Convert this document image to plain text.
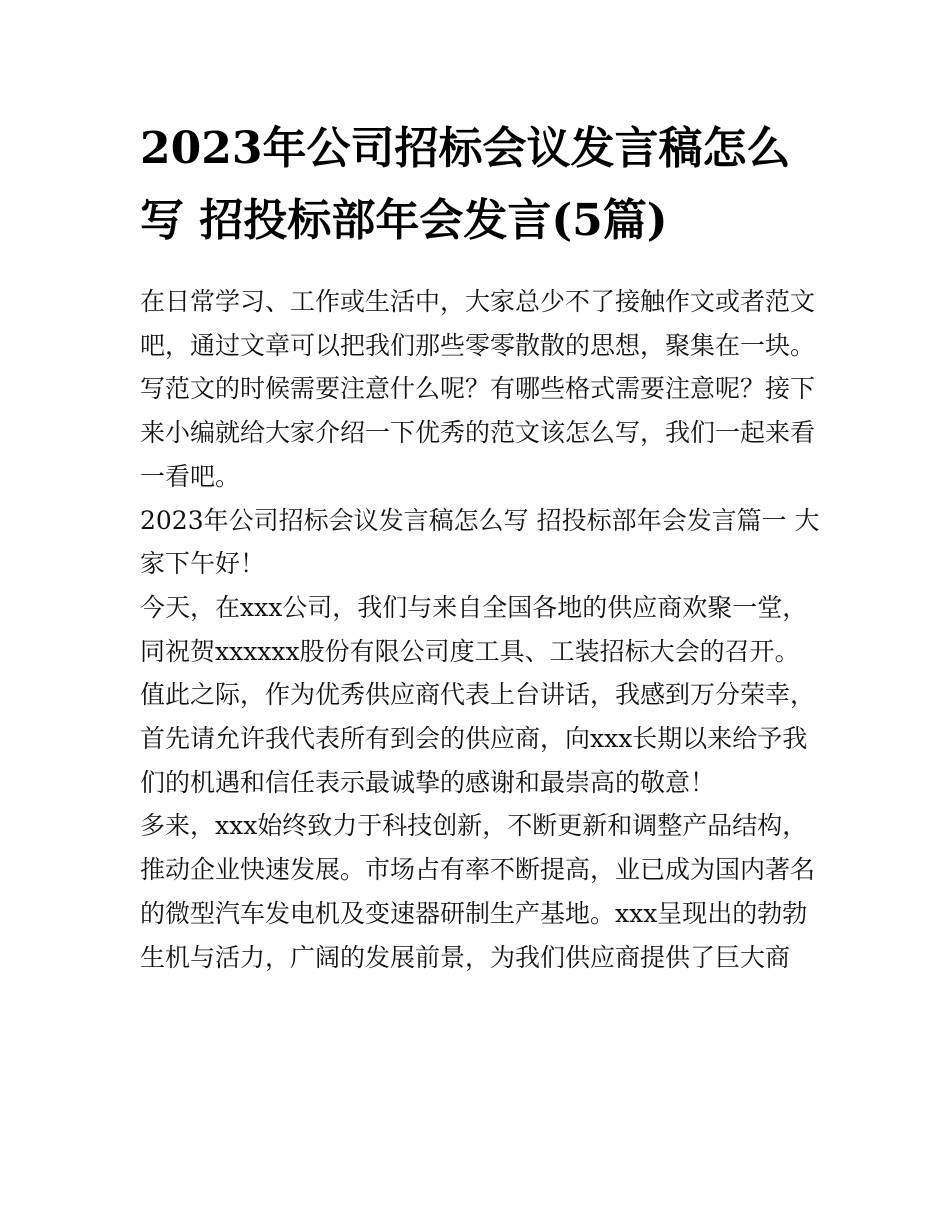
2023年公司招标会议发言稿怎么写 招投标部年会发言(5篇)

在日常学习、工作或生活中，大家总少不了接触作文或者范文吧，通过文章可以把我们那些零零散散的思想，聚集在一块。写范文的时候需要注意什么呢？有哪些格式需要注意呢？接下来小编就给大家介绍一下优秀的范文该怎么写，我们一起来看一看吧。

2023年公司招标会议发言稿怎么写 招投标部年会发言篇一 大家下午好！

今天，在xxx公司，我们与来自全国各地的供应商欢聚一堂，同祝贺xxxxxx股份有限公司度工具、工装招标大会的召开。值此之际，作为优秀供应商代表上台讲话，我感到万分荣幸，首先请允许我代表所有到会的供应商，向xxx长期以来给予我们的机遇和信任表示最诚挚的感谢和最崇高的敬意！

多来，xxx始终致力于科技创新，不断更新和调整产品结构，推动企业快速发展。市场占有率不断提高，业已成为国内著名的微型汽车发电机及变速器研制生产基地。xxx呈现出的勃勃生机与活力，广阔的发展前景，为我们供应商提供了巨大商
